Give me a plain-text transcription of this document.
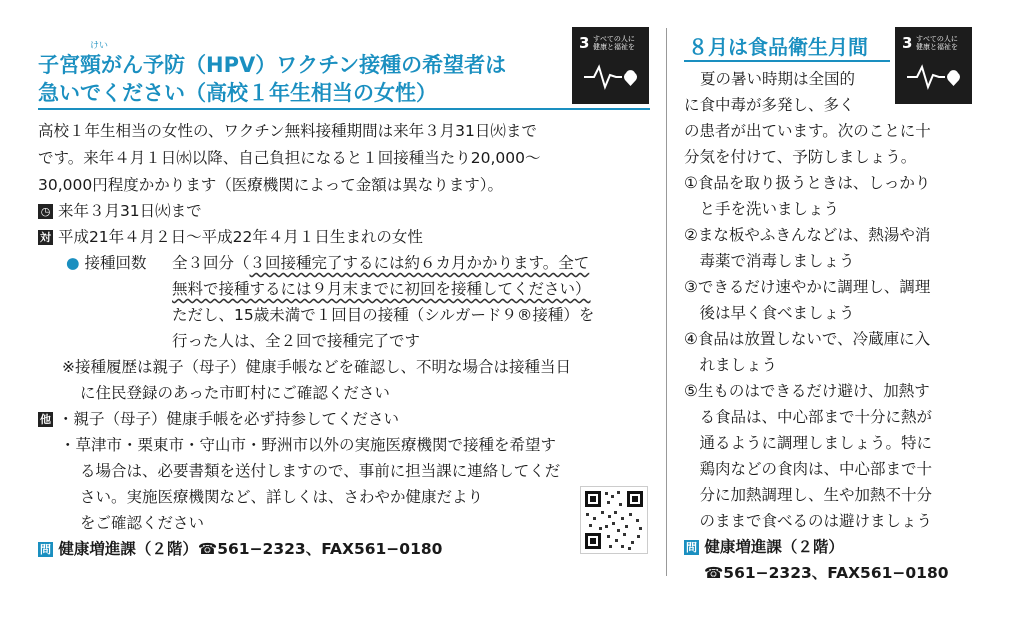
けい
子宮頸がん予防（HPV）ワクチン接種の希望者は
急いでください（高校１年生相当の女性）
3 すべての人に
健康と福祉を
高校１年生相当の女性の、ワクチン無料接種期間は来年３月31日㈫まで
です。来年４月１日㈬以降、自己負担になると１回接種当たり20,000〜
30,000円程度かかります（医療機関によって金額は異なります）。
◷ 来年３月31日㈫まで
対 平成21年４月２日〜平成22年４月１日生まれの女性
● 接種回数 全３回分（３回接種完了するには約６カ月かかります。全て
無料で接種するには９月末までに初回を接種してください）
ただし、15歳未満で１回目の接種（シルガード９®接種）を
行った人は、全２回で接種完了です
※接種履歴は親子（母子）健康手帳などを確認し、不明な場合は接種当日
に住民登録のあった市町村にご確認ください
他 ・親子（母子）健康手帳を必ず持参してください
・草津市・栗東市・守山市・野洲市以外の実施医療機関で接種を希望す
る場合は、必要書類を送付しますので、事前に担当課に連絡してくだ
さい。実施医療機関など、詳しくは、さわやか健康だより
をご確認ください
問 健康増進課（２階）☎561−2323、FAX561−0180
８月は食品衛生月間 3 すべての人に
健康と福祉を
夏の暑い時期は全国的
に食中毒が多発し、多く
の患者が出ています。次のことに十
分気を付けて、予防しましょう。
①食品を取り扱うときは、しっかり
　と手を洗いましょう
②まな板やふきんなどは、熱湯や消
　毒薬で消毒しましょう
③できるだけ速やかに調理し、調理
　後は早く食べましょう
④食品は放置しないで、冷蔵庫に入
　れましょう
⑤生ものはできるだけ避け、加熱す
　る食品は、中心部まで十分に熱が
　通るように調理しましょう。特に
　鶏肉などの食肉は、中心部まで十
　分に加熱調理し、生や加熱不十分
　のままで食べるのは避けましょう
問 健康増進課（２階）
☎561−2323、FAX561−0180
